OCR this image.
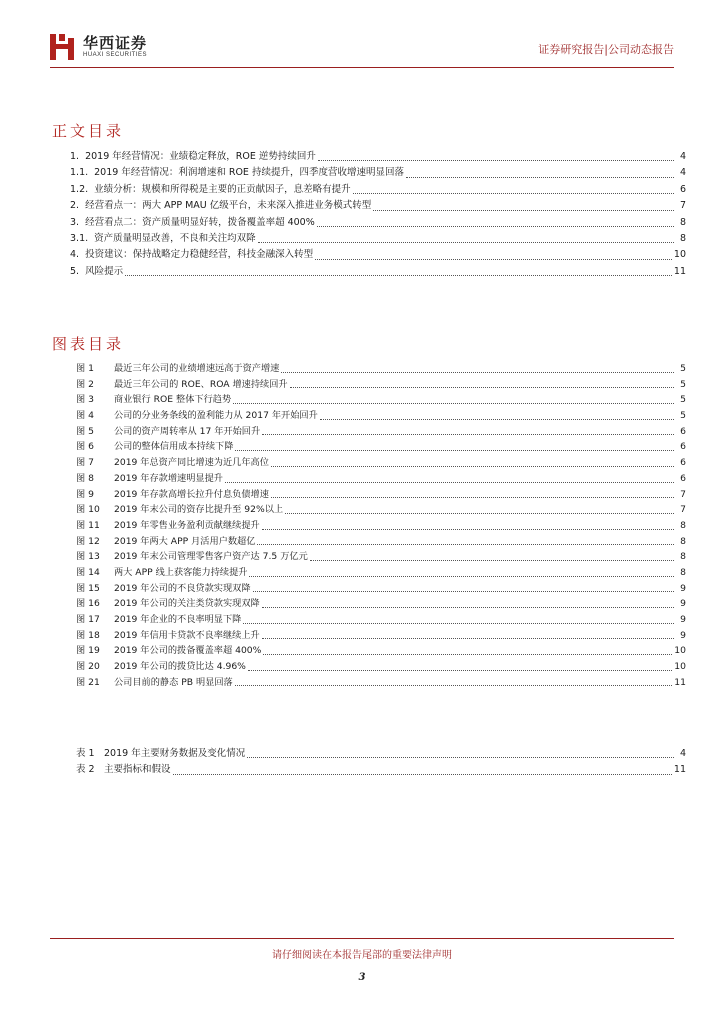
华西证券
HUAXI SECURITIES	证券研究报告|公司动态报告
正文目录
1. 2019 年经营情况：业绩稳定释放，ROE 逆势持续回升	4
1.1. 2019 年经营情况：利润增速和 ROE 持续提升，四季度营收增速明显回落	4
1.2. 业绩分析：规模和所得税是主要的正贡献因子，息差略有提升	6
2. 经营看点一：两大 APP MAU 亿级平台，未来深入推进业务模式转型	7
3. 经营看点二：资产质量明显好转，拨备覆盖率超 400%	8
3.1. 资产质量明显改善，不良和关注均双降	8
4. 投资建议：保持战略定力稳健经营，科技金融深入转型	10
5. 风险提示	11
图表目录
图 1	最近三年公司的业绩增速远高于资产增速	5
图 2	最近三年公司的 ROE、ROA 增速持续回升	5
图 3	商业银行 ROE 整体下行趋势	5
图 4	公司的分业务条线的盈利能力从 2017 年开始回升	5
图 5	公司的资产周转率从 17 年开始回升	6
图 6	公司的整体信用成本持续下降	6
图 7	2019 年总资产同比增速为近几年高位	6
图 8	2019 年存款增速明显提升	6
图 9	2019 年存款高增长拉升付息负债增速	7
图 10	2019 年末公司的资存比提升至 92%以上	7
图 11	2019 年零售业务盈利贡献继续提升	8
图 12	2019 年两大 APP 月活用户数超亿	8
图 13	2019 年末公司管理零售客户资产达 7.5 万亿元	8
图 14	两大 APP 线上获客能力持续提升	8
图 15	2019 年公司的不良贷款实现双降	9
图 16	2019 年公司的关注类贷款实现双降	9
图 17	2019 年企业的不良率明显下降	9
图 18	2019 年信用卡贷款不良率继续上升	9
图 19	2019 年公司的拨备覆盖率超 400%	10
图 20	2019 年公司的拨贷比达 4.96%	10
图 21	公司目前的静态 PB 明显回落	11
表 1 2019 年主要财务数据及变化情况	4
表 2 主要指标和假设	11
请仔细阅读在本报告尾部的重要法律声明
3
